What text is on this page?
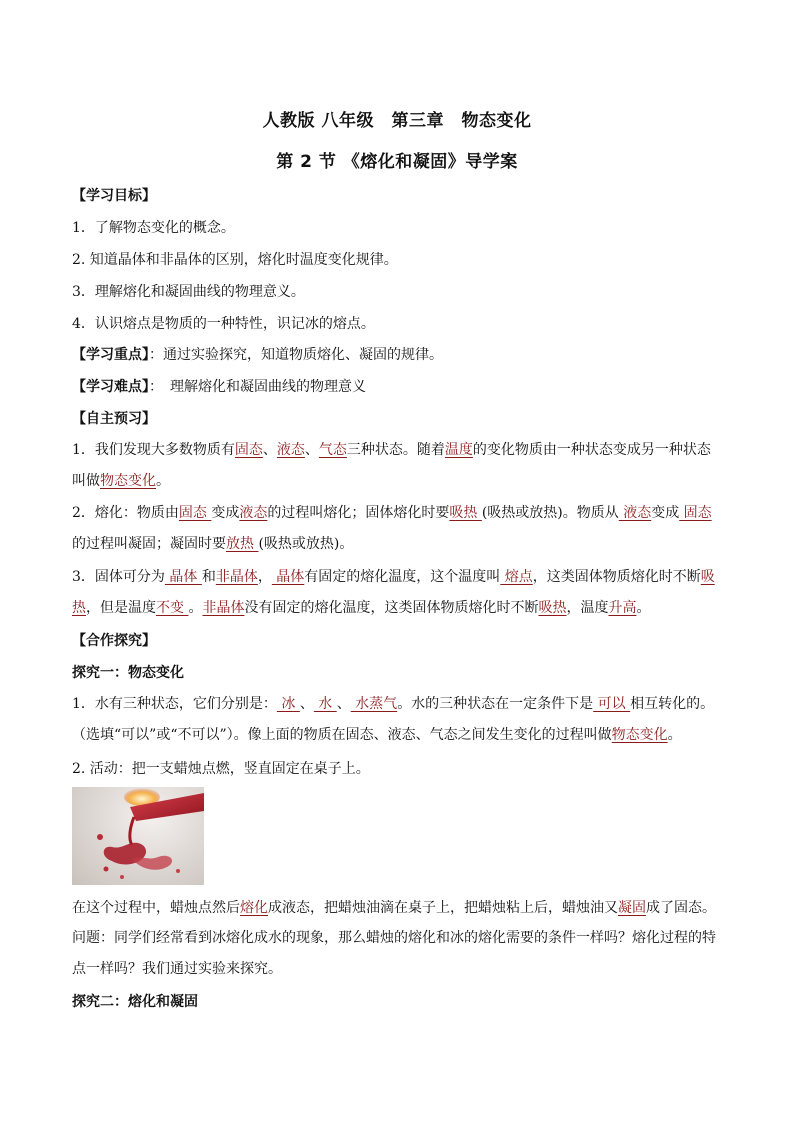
人教版 八年级　第三章　物态变化
第 2 节 《熔化和凝固》导学案
【学习目标】
1．了解物态变化的概念。
2. 知道晶体和非晶体的区别，熔化时温度变化规律。
3．理解熔化和凝固曲线的物理意义。
4．认识熔点是物质的一种特性，识记冰的熔点。
【学习重点】：通过实验探究，知道物质熔化、凝固的规律。
【学习难点】：　理解熔化和凝固曲线的物理意义
【自主预习】
1．我们发现大多数物质有固态、液态、气态三种状态。随着温度的变化物质由一种状态变成另一种状态叫做物态变化。
2．熔化：物质由固态 变成液态的过程叫熔化；固体熔化时要吸热 (吸热或放热)。物质从 液态变成 固态的过程叫凝固；凝固时要放热 (吸热或放热)。
3．固体可分为 晶体 和非晶体， 晶体有固定的熔化温度，这个温度叫 熔点，这类固体物质熔化时不断吸热，但是温度不变 。非晶体没有固定的熔化温度，这类固体物质熔化时不断吸热，温度升高。
【合作探究】
探究一：物态变化
1．水有三种状态，它们分别是： 冰 、 水 、 水蒸气。水的三种状态在一定条件下是 可以 相互转化的。（选填“可以”或“不可以”）。像上面的物质在固态、液态、气态之间发生变化的过程叫做物态变化。
2. 活动：把一支蜡烛点燃，竖直固定在桌子上。
在这个过程中，蜡烛点然后熔化成液态，把蜡烛油滴在桌子上，把蜡烛粘上后，蜡烛油又凝固成了固态。
问题：同学们经常看到冰熔化成水的现象，那么蜡烛的熔化和冰的熔化需要的条件一样吗？熔化过程的特点一样吗？我们通过实验来探究。
探究二：熔化和凝固
